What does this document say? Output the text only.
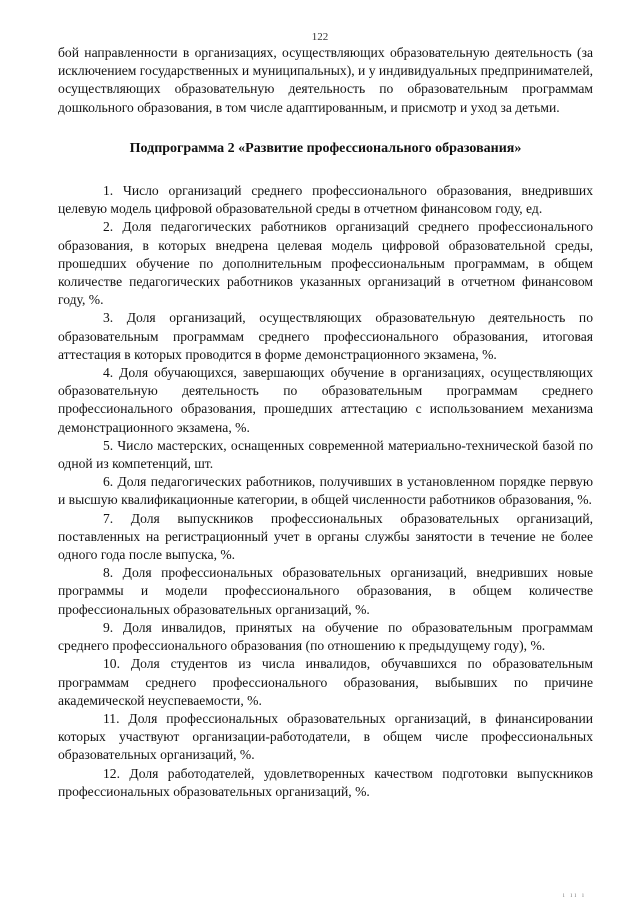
122

бой направленности в организациях, осуществляющих образовательную деятельность (за исключением государственных и муниципальных), и у индивидуальных предпринимателей, осуществляющих образовательную деятельность по образовательным программам дошкольного образования, в том числе адаптированным, и присмотр и уход за детьми.

Подпрограмма 2 «Развитие профессионального образования»

1. Число организаций среднего профессионального образования, внедривших целевую модель цифровой образовательной среды в отчетном финансовом году, ед.

2. Доля педагогических работников организаций среднего профессионального образования, в которых внедрена целевая модель цифровой образовательной среды, прошедших обучение по дополнительным профессиональным программам, в общем количестве педагогических работников указанных организаций в отчетном финансовом году, %.

3. Доля организаций, осуществляющих образовательную деятельность по образовательным программам среднего профессионального образования, итоговая аттестация в которых проводится в форме демонстрационного экзамена, %.

4. Доля обучающихся, завершающих обучение в организациях, осуществляющих образовательную деятельность по образовательным программам среднего профессионального образования, прошедших аттестацию с использованием механизма демонстрационного экзамена, %.

5. Число мастерских, оснащенных современной материально-технической базой по одной из компетенций, шт.

6. Доля педагогических работников, получивших в установленном порядке первую и высшую квалификационные категории, в общей численности работников образования, %.

7. Доля выпускников профессиональных образовательных организаций, поставленных на регистрационный учет в органы службы занятости в течение не более одного года после выпуска, %.

8. Доля профессиональных образовательных организаций, внедривших новые программы и модели профессионального образования, в общем количестве профессиональных образовательных организаций, %.

9. Доля инвалидов, принятых на обучение по образовательным программам среднего профессионального образования (по отношению к предыдущему году), %.

10. Доля студентов из числа инвалидов, обучавшихся по образовательным программам среднего профессионального образования, выбывших по причине академической неуспеваемости, %.

11. Доля профессиональных образовательных организаций, в финансировании которых участвуют организации-работодатели, в общем числе профессиональных образовательных организаций, %.

12. Доля работодателей, удовлетворенных качеством подготовки выпускников профессиональных образовательных организаций, %.

ı ıı ı
